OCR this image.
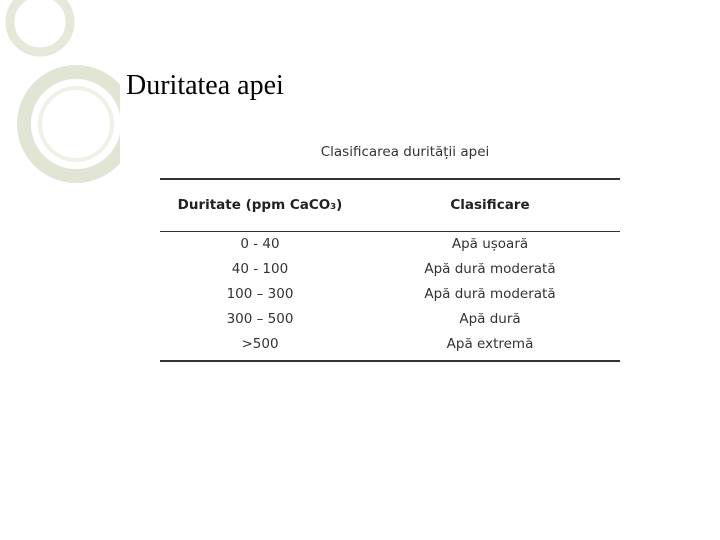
Duritatea apei
Clasificarea durității apei
Duritate (ppm CaCO₃)	Clasificare
0 - 40	Apă ușoară
40 - 100	Apă dură moderată
100 – 300	Apă dură moderată
300 – 500	Apă dură
>500	Apă extremă
